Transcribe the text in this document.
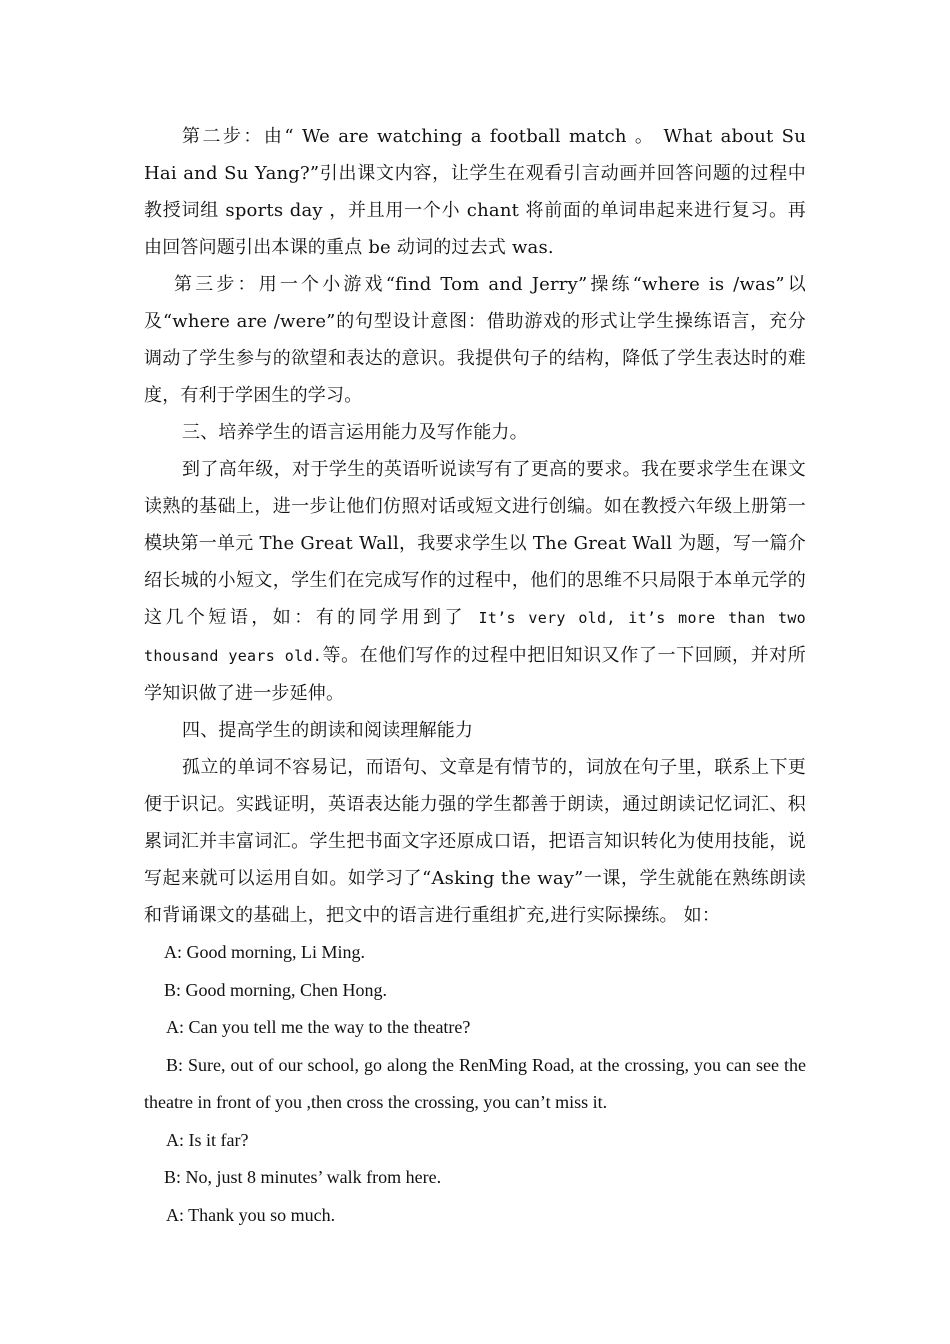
第二步：由“ We are watching a football match 。 What about Su Hai and Su Yang?”引出课文内容，让学生在观看引言动画并回答问题的过程中教授词组 sports day ，并且用一个小 chant 将前面的单词串起来进行复习。再由回答问题引出本课的重点 be 动词的过去式 was.

第三步：用一个小游戏“find Tom and Jerry”操练“where is /was”以及“where are /were”的句型设计意图：借助游戏的形式让学生操练语言，充分调动了学生参与的欲望和表达的意识。我提供句子的结构，降低了学生表达时的难度，有利于学困生的学习。

三、培养学生的语言运用能力及写作能力。

到了高年级，对于学生的英语听说读写有了更高的要求。我在要求学生在课文读熟的基础上，进一步让他们仿照对话或短文进行创编。如在教授六年级上册第一模块第一单元 The Great Wall，我要求学生以 The Great Wall 为题，写一篇介绍长城的小短文，学生们在完成写作的过程中，他们的思维不只局限于本单元学的这几个短语，如：有的同学用到了 It’s very old, it’s more than two thousand years old.等。在他们写作的过程中把旧知识又作了一下回顾，并对所学知识做了进一步延伸。

四、提高学生的朗读和阅读理解能力

孤立的单词不容易记，而语句、文章是有情节的，词放在句子里，联系上下更便于识记。实践证明，英语表达能力强的学生都善于朗读，通过朗读记忆词汇、积累词汇并丰富词汇。学生把书面文字还原成口语，把语言知识转化为使用技能，说写起来就可以运用自如。如学习了“Asking the way”一课，学生就能在熟练朗读和背诵课文的基础上，把文中的语言进行重组扩充,进行实际操练。 如：

A: Good morning, Li Ming.

B: Good morning, Chen Hong.

A: Can you tell me the way to the theatre?

B: Sure, out of our school, go along the RenMing Road, at the crossing, you can see the theatre in front of you ,then cross the crossing, you can’t miss it.

A: Is it far?

B: No, just 8 minutes’ walk from here.

A: Thank you so much.
